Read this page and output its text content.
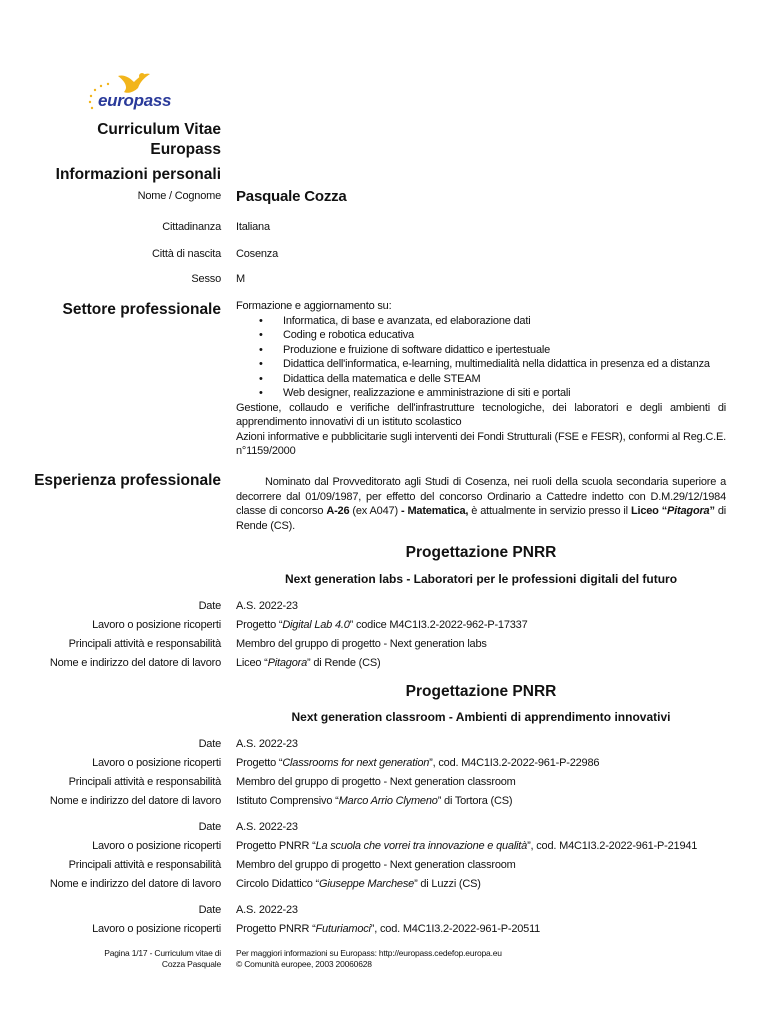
europass
Curriculum Vitae
Europass
Informazioni personali
Nome / Cognome Pasquale Cozza
Cittadinanza Italiana
Città di nascita Cosenza
Sesso M
Settore professionale Formazione e aggiornamento su:
• Informatica, di base e avanzata, ed elaborazione dati
• Coding e robotica educativa
• Produzione e fruizione di software didattico e ipertestuale
• Didattica dell'informatica, e-learning, multimedialità nella didattica in presenza ed a distanza
• Didattica della matematica e delle STEAM
• Web designer, realizzazione e amministrazione di siti e portali
Gestione, collaudo e verifiche dell'infrastrutture tecnologiche, dei laboratori e degli ambienti di apprendimento innovativi di un istituto scolastico
Azioni informative e pubblicitarie sugli interventi dei Fondi Strutturali (FSE e FESR), conformi al Reg.C.E. n°1159/2000
Esperienza professionale	Nominato dal Provveditorato agli Studi di Cosenza, nei ruoli della scuola secondaria superiore a decorrere dal 01/09/1987, per effetto del concorso Ordinario a Cattedre indetto con D.M.29/12/1984 classe di concorso A-26 (ex A047) - Matematica, è attualmente in servizio presso il Liceo “Pitagora” di Rende (CS).
Progettazione PNRR
Next generation labs - Laboratori per le professioni digitali del futuro
Date A.S. 2022-23
Lavoro o posizione ricoperti Progetto “Digital Lab 4.0” codice M4C1I3.2-2022-962-P-17337
Principali attività e responsabilità Membro del gruppo di progetto - Next generation labs
Nome e indirizzo del datore di lavoro Liceo “Pitagora” di Rende (CS)
Progettazione PNRR
Next generation classroom - Ambienti di apprendimento innovativi
Date A.S. 2022-23
Lavoro o posizione ricoperti Progetto “Classrooms for next generation”, cod. M4C1I3.2-2022-961-P-22986
Principali attività e responsabilità Membro del gruppo di progetto - Next generation classroom
Nome e indirizzo del datore di lavoro Istituto Comprensivo “Marco Arrio Clymeno” di Tortora (CS)
Date A.S. 2022-23
Lavoro o posizione ricoperti Progetto PNRR “La scuola che vorrei tra innovazione e qualità”, cod. M4C1I3.2-2022-961-P-21941
Principali attività e responsabilità Membro del gruppo di progetto - Next generation classroom
Nome e indirizzo del datore di lavoro Circolo Didattico “Giuseppe Marchese” di Luzzi (CS)
Date A.S. 2022-23
Lavoro o posizione ricoperti Progetto PNRR “Futuriamoci”, cod. M4C1I3.2-2022-961-P-20511
Pagina 1/17 - Curriculum vitae di
Cozza Pasquale
Per maggiori informazioni su Europass: http://europass.cedefop.europa.eu
© Comunità europee, 2003 20060628
